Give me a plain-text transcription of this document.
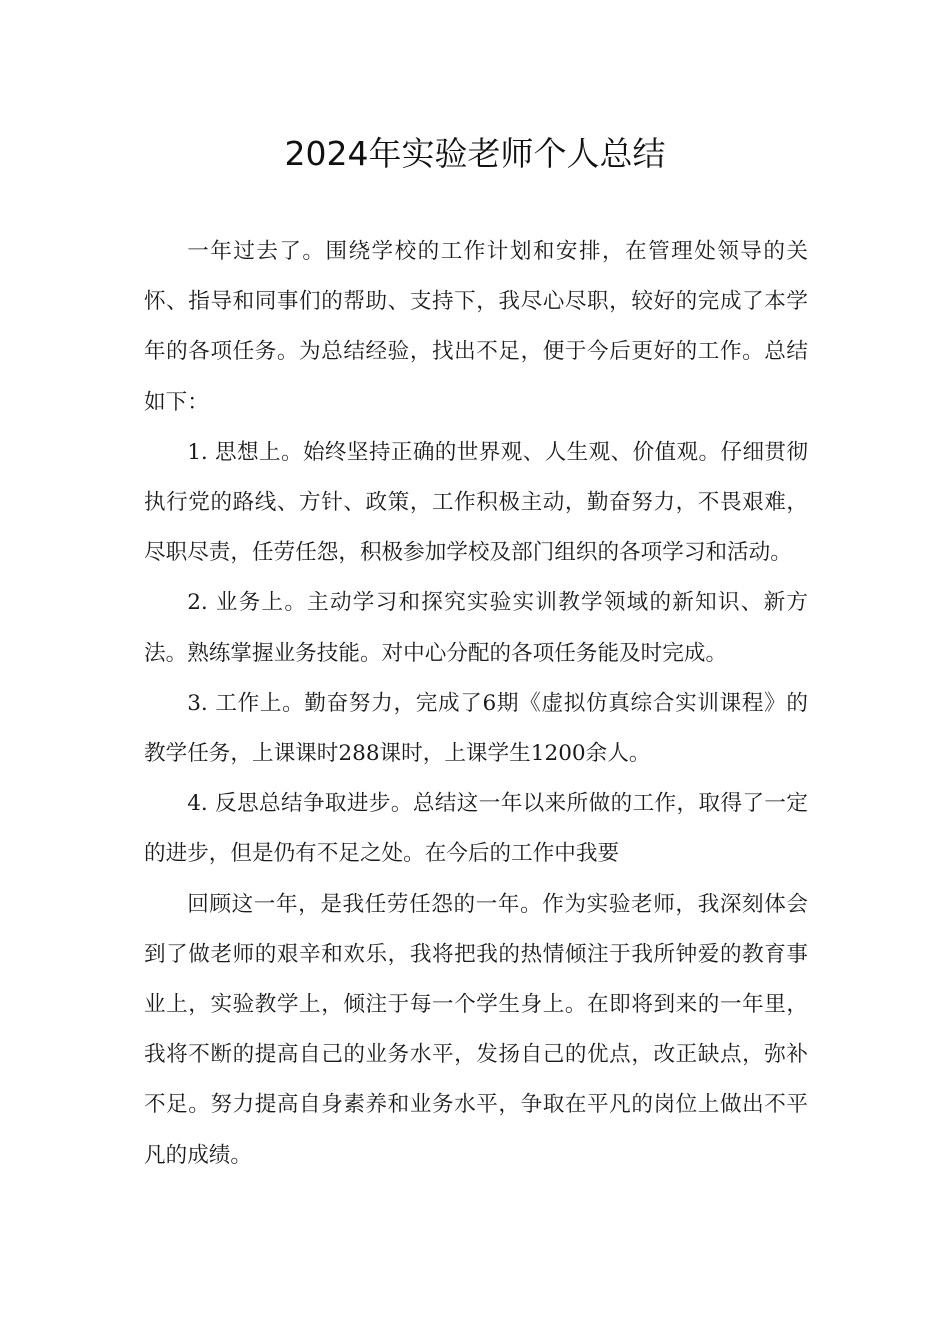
2024年实验老师个人总结

一年过去了。围绕学校的工作计划和安排，在管理处领导的关怀、指导和同事们的帮助、支持下，我尽心尽职，较好的完成了本学年的各项任务。为总结经验，找出不足，便于今后更好的工作。总结如下：

1. 思想上。始终坚持正确的世界观、人生观、价值观。仔细贯彻执行党的路线、方针、政策，工作积极主动，勤奋努力，不畏艰难，尽职尽责，任劳任怨，积极参加学校及部门组织的各项学习和活动。

2. 业务上。主动学习和探究实验实训教学领域的新知识、新方法。熟练掌握业务技能。对中心分配的各项任务能及时完成。

3. 工作上。勤奋努力，完成了6期《虚拟仿真综合实训课程》的教学任务，上课课时288课时，上课学生1200余人。

4. 反思总结争取进步。总结这一年以来所做的工作，取得了一定的进步，但是仍有不足之处。在今后的工作中我要

回顾这一年，是我任劳任怨的一年。作为实验老师，我深刻体会到了做老师的艰辛和欢乐，我将把我的热情倾注于我所钟爱的教育事业上，实验教学上，倾注于每一个学生身上。在即将到来的一年里，我将不断的提高自己的业务水平，发扬自己的优点，改正缺点，弥补不足。努力提高自身素养和业务水平，争取在平凡的岗位上做出不平凡的成绩。
